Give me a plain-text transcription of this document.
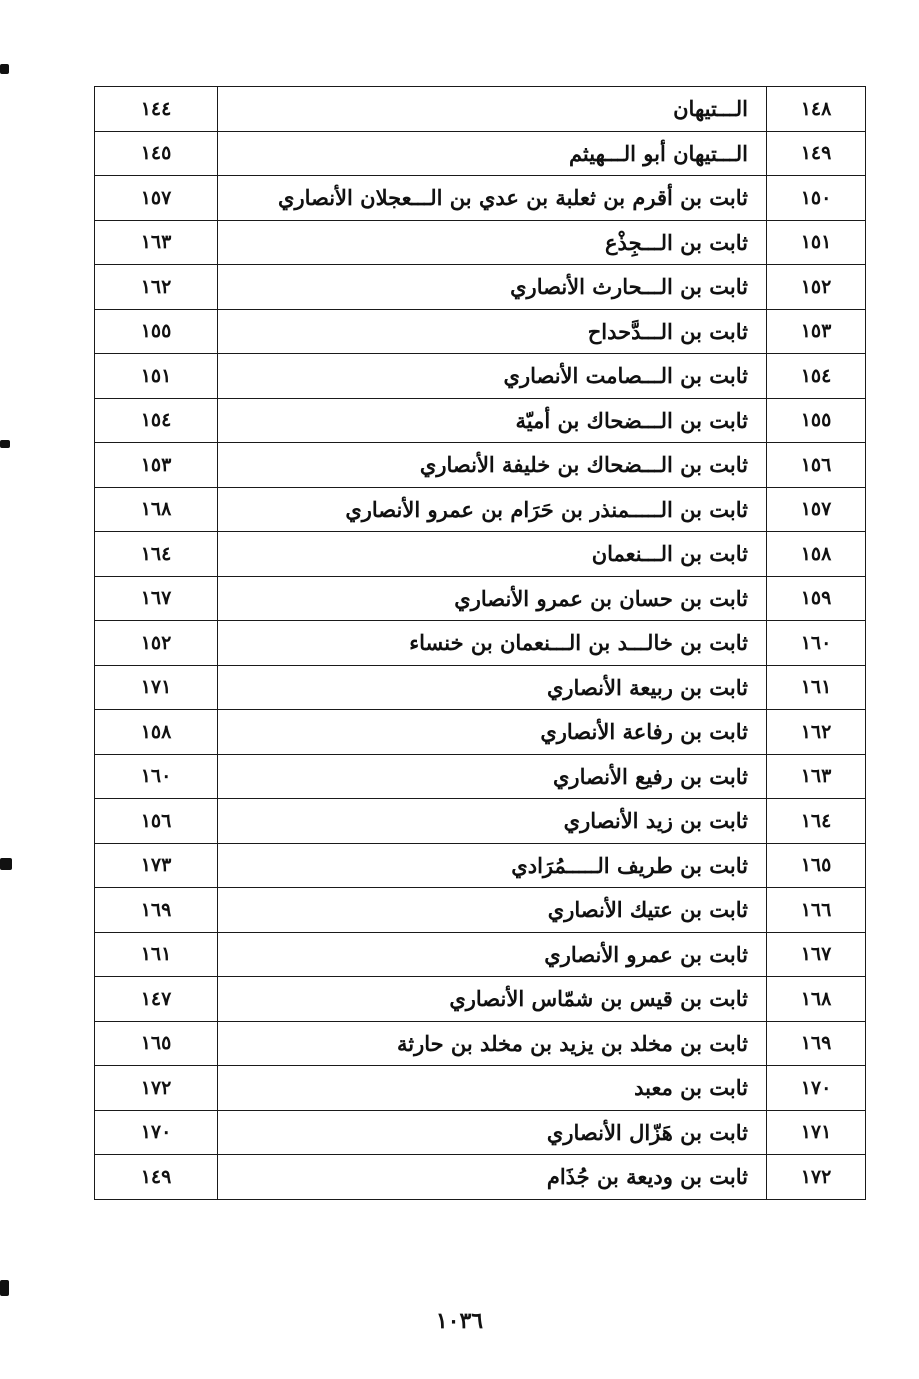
١٤٨	الـــتيهان	١٤٤
١٤٩	الـــتيهان أبو الـــهيثم	١٤٥
١٥٠	ثابت بن أقرم بن ثعلبة بن عدي بن الـــعجلان الأنصاري	١٥٧
١٥١	ثابت بن الـــجِذْع	١٦٣
١٥٢	ثابت بن الـــحارث الأنصاري	١٦٢
١٥٣	ثابت بن الـــدَّحداح	١٥٥
١٥٤	ثابت بن الـــصامت الأنصاري	١٥١
١٥٥	ثابت بن الـــضحاك بن أميّة	١٥٤
١٥٦	ثابت بن الـــضحاك بن خليفة الأنصاري	١٥٣
١٥٧	ثابت بن الـــــمنذر بن حَرَام بن عمرو الأنصاري	١٦٨
١٥٨	ثابت بن الـــنعمان	١٦٤
١٥٩	ثابت بن حسان بن عمرو الأنصاري	١٦٧
١٦٠	ثابت بن خالـــد بن الـــنعمان بن خنساء	١٥٢
١٦١	ثابت بن ربيعة الأنصاري	١٧١
١٦٢	ثابت بن رفاعة الأنصاري	١٥٨
١٦٣	ثابت بن رفيع الأنصاري	١٦٠
١٦٤	ثابت بن زيد الأنصاري	١٥٦
١٦٥	ثابت بن طريف الـــــمُرَادي	١٧٣
١٦٦	ثابت بن عتيك الأنصاري	١٦٩
١٦٧	ثابت بن عمرو الأنصاري	١٦١
١٦٨	ثابت بن قيس بن شمّاس الأنصاري	١٤٧
١٦٩	ثابت بن مخلد بن يزيد بن مخلد بن حارثة	١٦٥
١٧٠	ثابت بن معبد	١٧٢
١٧١	ثابت بن هَزّال الأنصاري	١٧٠
١٧٢	ثابت بن وديعة بن جُذَام	١٤٩
١٠٣٦
